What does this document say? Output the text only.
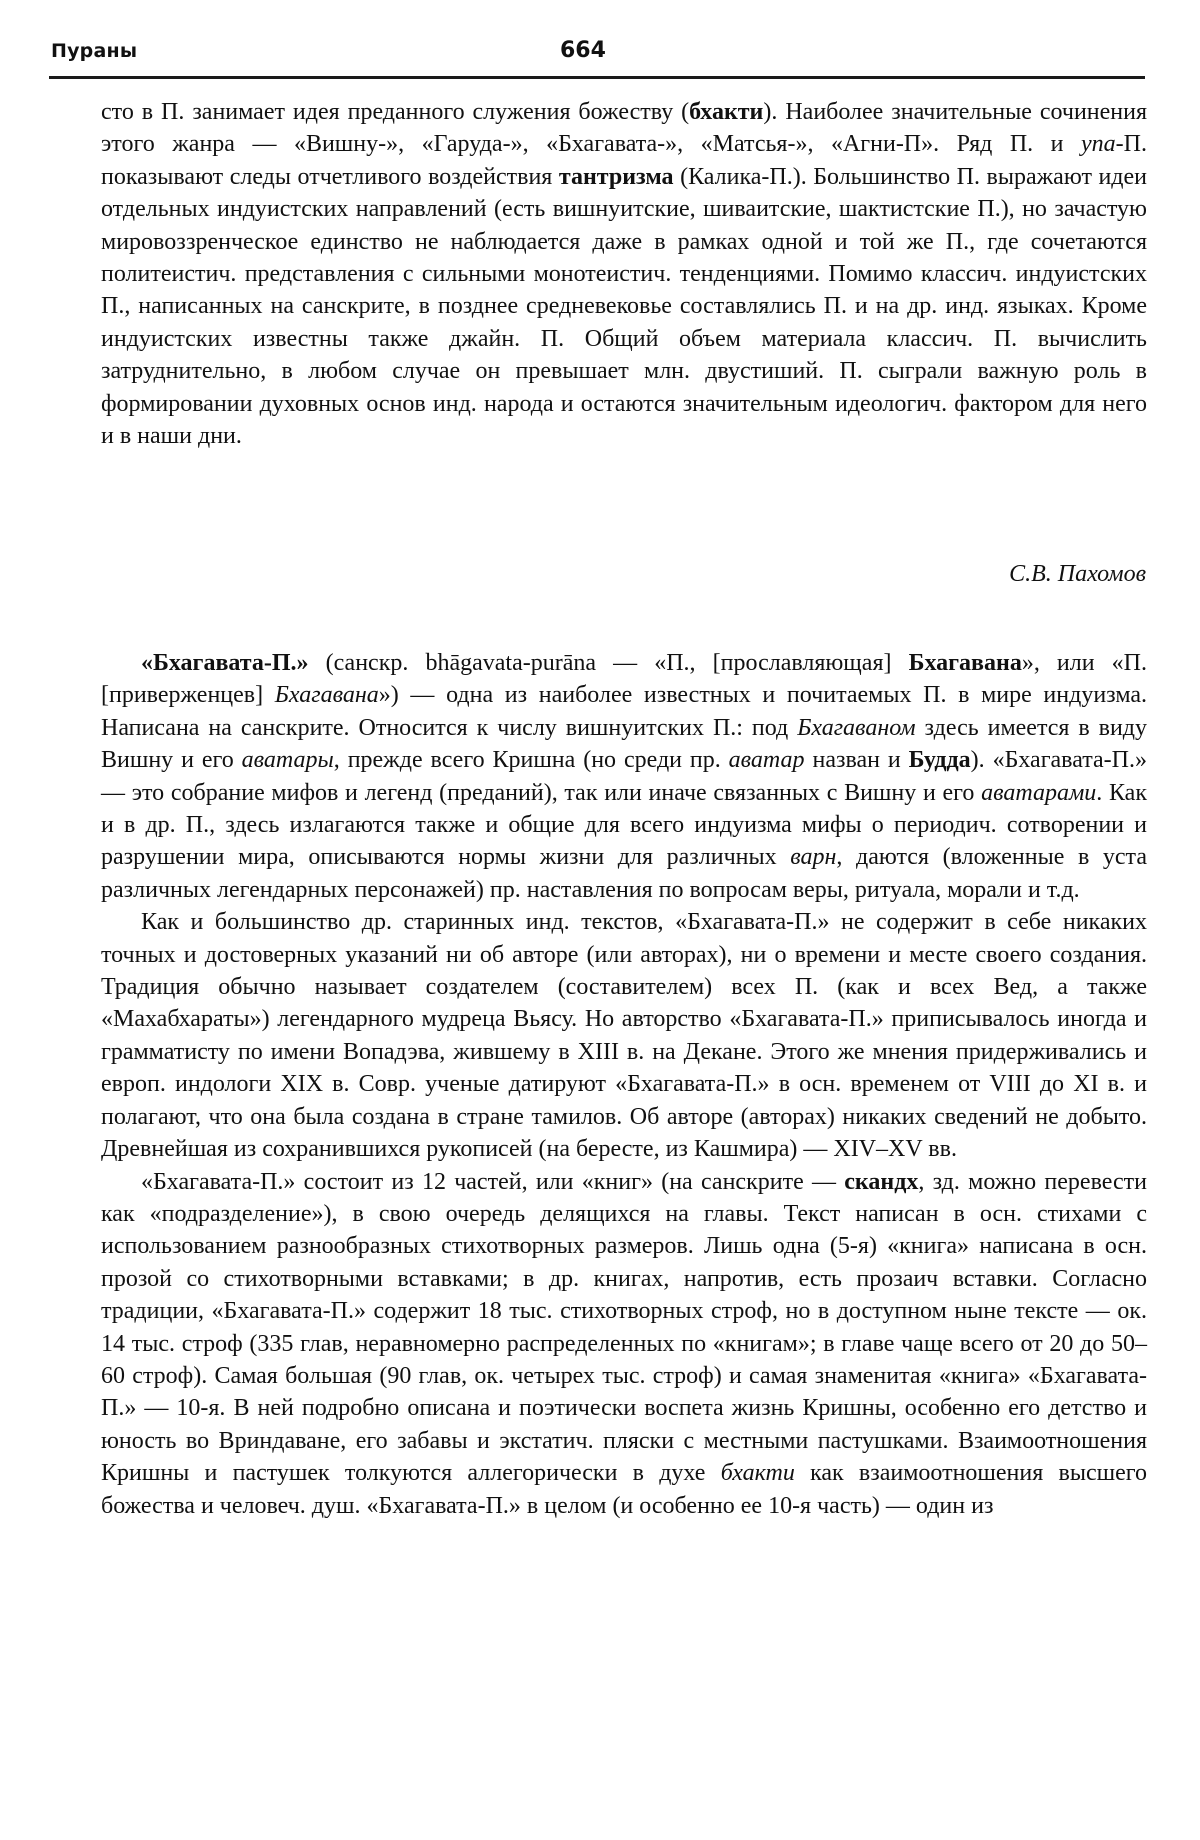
Пураны	664

сто в П. занимает идея преданного служения божеству (бхакти). Наиболее значительные сочинения этого жанра — «Вишну-», «Гаруда-», «Бхагавата-», «Матсья-», «Агни-П». Ряд П. и упа-П. показывают следы отчетливого воздействия тантризма (Калика-П.). Большинство П. выражают идеи отдельных индуистских направлений (есть вишнуитские, шиваитские, шактистские П.), но зачастую мировоззренческое единство не наблюдается даже в рамках одной и той же П., где сочетаются политеистич. представления с сильными монотеистич. тенденциями. Помимо классич. индуистских П., написанных на санскрите, в позднее средневековье составлялись П. и на др. инд. языках. Кроме индуистских известны также джайн. П. Общий объем материала классич. П. вычислить затруднительно, в любом случае он превышает млн. двустиший. П. сыграли важную роль в формировании духовных основ инд. народа и остаются значительным идеологич. фактором для него и в наши дни.

С.В. Пахомов

«Бхагавата-П.» (санскр. bhāgavata-purāna — «П., [прославляющая] Бхагавана», или «П. [приверженцев] Бхагавана») — одна из наиболее известных и почитаемых П. в мире индуизма. Написана на санскрите. Относится к числу вишнуитских П.: под Бхагаваном здесь имеется в виду Вишну и его аватары, прежде всего Кришна (но среди пр. аватар назван и Будда). «Бхагавата-П.» — это собрание мифов и легенд (преданий), так или иначе связанных с Вишну и его аватарами. Как и в др. П., здесь излагаются также и общие для всего индуизма мифы о периодич. сотворении и разрушении мира, описываются нормы жизни для различных варн, даются (вложенные в уста различных легендарных персонажей) пр. наставления по вопросам веры, ритуала, морали и т.д.

Как и большинство др. старинных инд. текстов, «Бхагавата-П.» не содержит в себе никаких точных и достоверных указаний ни об авторе (или авторах), ни о времени и месте своего создания. Традиция обычно называет создателем (составителем) всех П. (как и всех Вед, а также «Махабхараты») легендарного мудреца Вьясу. Но авторство «Бхагавата-П.» приписывалось иногда и грамматисту по имени Вопадэва, жившему в XIII в. на Декане. Этого же мнения придерживались и европ. индологи XIX в. Совр. ученые датируют «Бхагавата-П.» в осн. временем от VIII до XI в. и полагают, что она была создана в стране тамилов. Об авторе (авторах) никаких сведений не добыто. Древнейшая из сохранившихся рукописей (на бересте, из Кашмира) — XIV–XV вв.

«Бхагавата-П.» состоит из 12 частей, или «книг» (на санскрите — скандх, зд. можно перевести как «подразделение»), в свою очередь делящихся на главы. Текст написан в осн. стихами с использованием разнообразных стихотворных размеров. Лишь одна (5-я) «книга» написана в осн. прозой со стихотворными вставками; в др. книгах, напротив, есть прозаич вставки. Согласно традиции, «Бхагавата-П.» содержит 18 тыс. стихотворных строф, но в доступном ныне тексте — ок. 14 тыс. строф (335 глав, неравномерно распределенных по «книгам»; в главе чаще всего от 20 до 50–60 строф). Самая большая (90 глав, ок. четырех тыс. строф) и самая знаменитая «книга» «Бхагавата-П.» — 10-я. В ней подробно описана и поэтически воспета жизнь Кришны, особенно его детство и юность во Вриндаване, его забавы и экстатич. пляски с местными пастушками. Взаимоотношения Кришны и пастушек толкуются аллегорически в духе бхакти как взаимоотношения высшего божества и человеч. душ. «Бхагавата-П.» в целом (и особенно ее 10-я часть) — один из
